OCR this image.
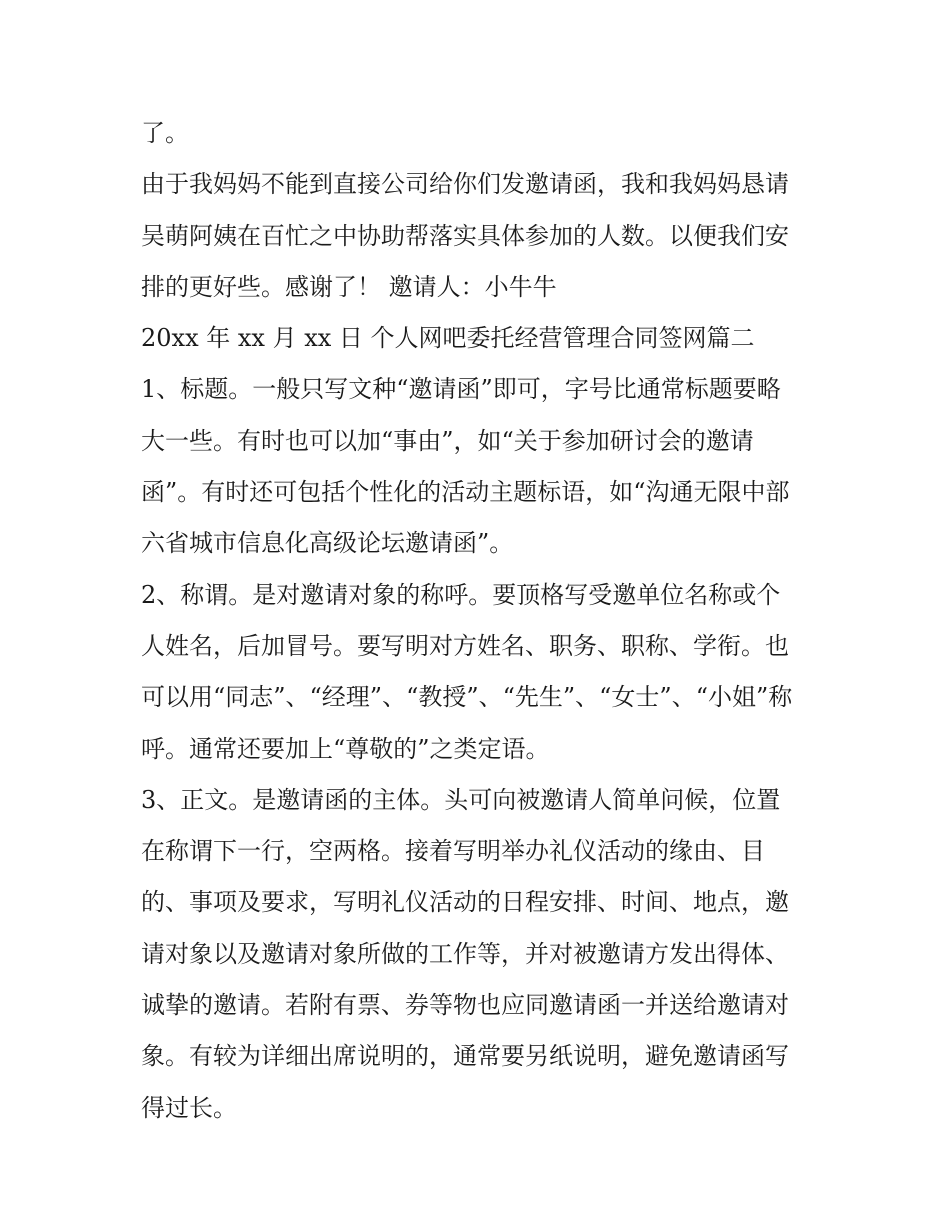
了。
由于我妈妈不能到直接公司给你们发邀请函，我和我妈妈恳请
吴萌阿姨在百忙之中协助帮落实具体参加的人数。以便我们安
排的更好些。感谢了！ 邀请人：小牛牛
20xx 年 xx 月 xx 日 个人网吧委托经营管理合同签网篇二
1、标题。一般只写文种“邀请函”即可，字号比通常标题要略
大一些。有时也可以加“事由”，如“关于参加研讨会的邀请
函”。有时还可包括个性化的活动主题标语，如“沟通无限中部
六省城市信息化高级论坛邀请函”。
2、称谓。是对邀请对象的称呼。要顶格写受邀单位名称或个
人姓名，后加冒号。要写明对方姓名、职务、职称、学衔。也
可以用“同志”、“经理”、“教授”、“先生”、“女士”、“小姐”称
呼。通常还要加上“尊敬的”之类定语。
3、正文。是邀请函的主体。头可向被邀请人简单问候，位置
在称谓下一行，空两格。接着写明举办礼仪活动的缘由、目
的、事项及要求，写明礼仪活动的日程安排、时间、地点，邀
请对象以及邀请对象所做的工作等，并对被邀请方发出得体、
诚挚的邀请。若附有票、券等物也应同邀请函一并送给邀请对
象。有较为详细出席说明的，通常要另纸说明，避免邀请函写
得过长。
